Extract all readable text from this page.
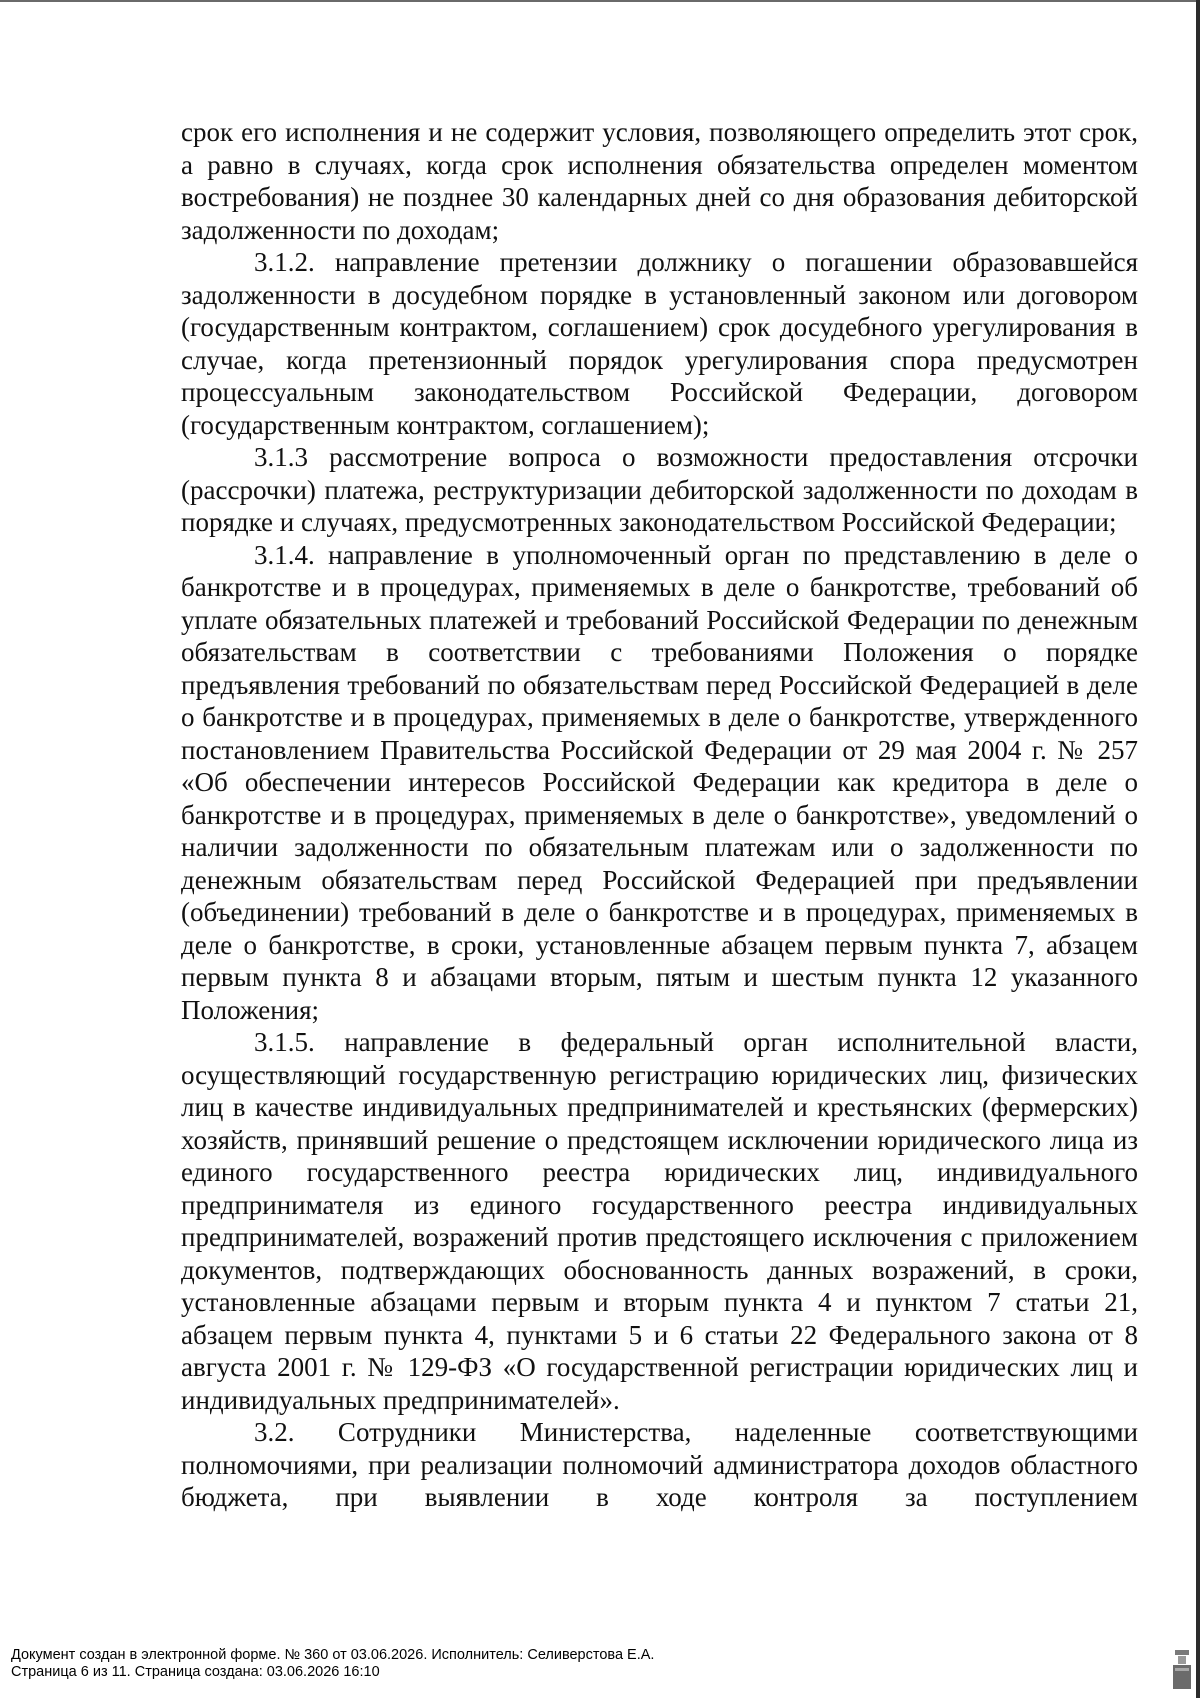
срок его исполнения и не содержит условия, позволяющего определить этот срок, а равно в случаях, когда срок исполнения обязательства определен моментом востребования) не позднее 30 календарных дней со дня образования дебиторской задолженности по доходам;

3.1.2. направление претензии должнику о погашении образовавшейся задолженности в досудебном порядке в установленный законом или договором (государственным контрактом, соглашением) срок досудебного урегулирования в случае, когда претензионный порядок урегулирования спора предусмотрен процессуальным законодательством Российской Федерации, договором (государственным контрактом, соглашением);

3.1.3 рассмотрение вопроса о возможности предоставления отсрочки (рассрочки) платежа, реструктуризации дебиторской задолженности по доходам в порядке и случаях, предусмотренных законодательством Российской Федерации;

3.1.4. направление в уполномоченный орган по представлению в деле о банкротстве и в процедурах, применяемых в деле о банкротстве, требований об уплате обязательных платежей и требований Российской Федерации по денежным обязательствам в соответствии с требованиями Положения о порядке предъявления требований по обязательствам перед Российской Федерацией в деле о банкротстве и в процедурах, применяемых в деле о банкротстве, утвержденного постановлением Правительства Российской Федерации от 29 мая 2004 г. № 257 «Об обеспечении интересов Российской Федерации как кредитора в деле о банкротстве и в процедурах, применяемых в деле о банкротстве», уведомлений о наличии задолженности по обязательным платежам или о задолженности по денежным обязательствам перед Российской Федерацией при предъявлении (объединении) требований в деле о банкротстве и в процедурах, применяемых в деле о банкротстве, в сроки, установленные абзацем первым пункта 7, абзацем первым пункта 8 и абзацами вторым, пятым и шестым пункта 12 указанного Положения;

3.1.5. направление в федеральный орган исполнительной власти, осуществляющий государственную регистрацию юридических лиц, физических лиц в качестве индивидуальных предпринимателей и крестьянских (фермерских) хозяйств, принявший решение о предстоящем исключении юридического лица из единого государственного реестра юридических лиц, индивидуального предпринимателя из единого государственного реестра индивидуальных предпринимателей, возражений против предстоящего исключения с приложением документов, подтверждающих обоснованность данных возражений, в сроки, установленные абзацами первым и вторым пункта 4 и пунктом 7 статьи 21, абзацем первым пункта 4, пунктами 5 и 6 статьи 22 Федерального закона от 8 августа 2001 г. № 129-ФЗ «О государственной регистрации юридических лиц и индивидуальных предпринимателей».

3.2. Сотрудники Министерства, наделенные соответствующими полномочиями, при реализации полномочий администратора доходов областного бюджета, при выявлении в ходе контроля за поступлением

Документ создан в электронной форме. № 360 от 03.06.2026. Исполнитель: Селиверстова Е.А.
Страница 6 из 11. Страница создана: 03.06.2026 16:10
